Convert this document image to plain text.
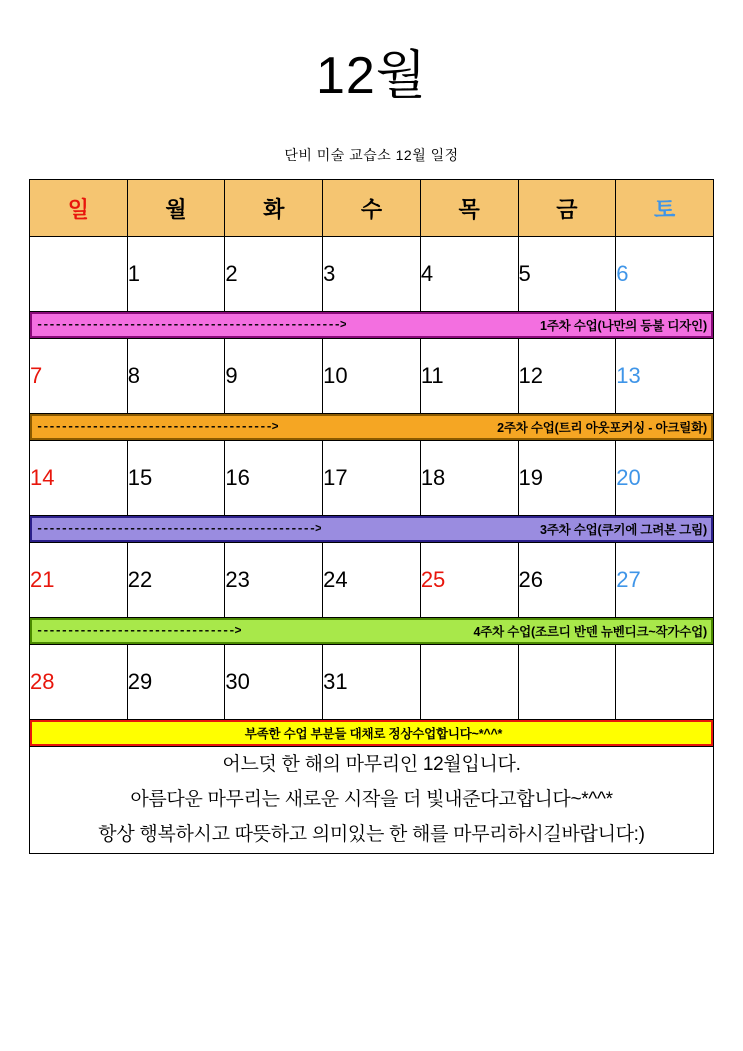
12월

단비 미술 교습소 12월 일정

일	월	화	수	목	금	토
	1	2	3	4	5	6

-------------------------------------------------> 1주차 수업(나만의 등불 디자인)						

7	8	9	10	11	12	13

--------------------------------------> 2주차 수업(트리 아웃포커싱 - 아크릴화)						

14	15	16	17	18	19	20

---------------------------------------------> 3주차 수업(쿠키에 그려본 그림)						

21	22	23	24	25	26	27

--------------------------------> 4주차 수업(조르디 반덴 뉴벤디크~작가수업)						

28	29	30	31			

부족한 수업 부분들 대채로 정상수업합니다~*^^*						

어느덧 한 해의 마무리인 12월입니다.
아름다운 마무리는 새로운 시작을 더 빛내준다고합니다~*^^*
항상 행복하시고 따뜻하고 의미있는 한 해를 마무리하시길바랍니다:)						
